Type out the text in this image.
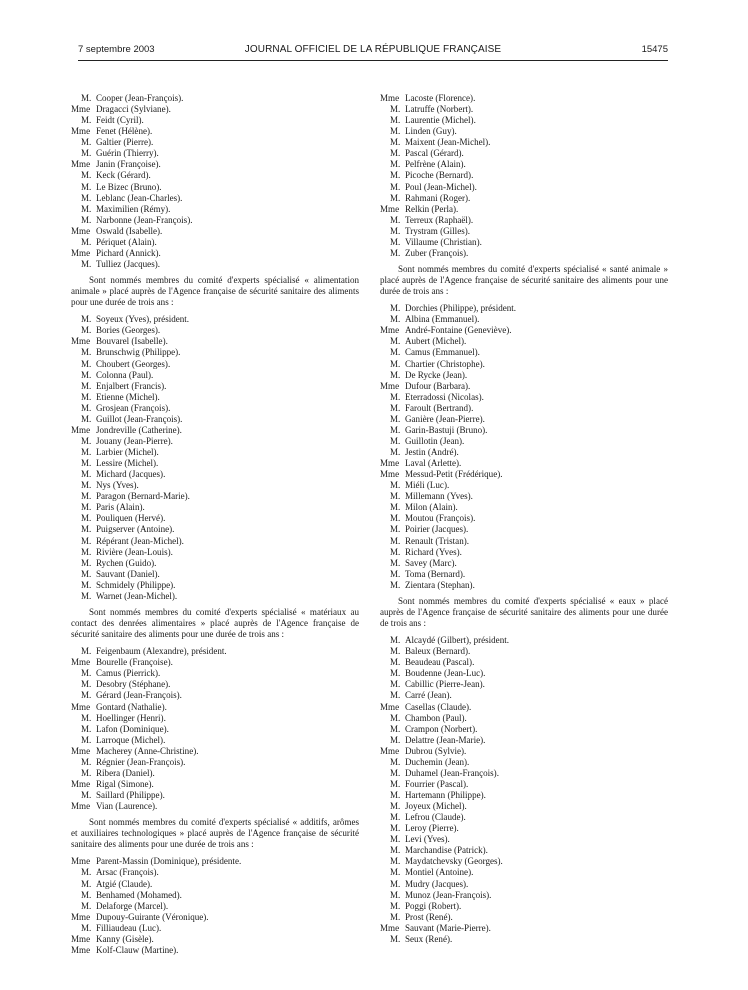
7 septembre 2003	JOURNAL OFFICIEL DE LA RÉPUBLIQUE FRANÇAISE	15475
M. Cooper (Jean-François).
Mme Dragacci (Sylviane).
M. Feidt (Cyril).
Mme Fenet (Hélène).
M. Galtier (Pierre).
M. Guérin (Thierry).
Mme Janin (Françoise).
M. Keck (Gérard).
M. Le Bizec (Bruno).
M. Leblanc (Jean-Charles).
M. Maximilien (Rémy).
M. Narbonne (Jean-François).
Mme Oswald (Isabelle).
M. Périquet (Alain).
Mme Pichard (Annick).
M. Tulliez (Jacques).
Sont nommés membres du comité d'experts spécialisé « alimentation animale » placé auprès de l'Agence française de sécurité sanitaire des aliments pour une durée de trois ans :
M. Soyeux (Yves), président.
M. Bories (Georges).
Mme Bouvarel (Isabelle).
M. Brunschwig (Philippe).
M. Choubert (Georges).
M. Colonna (Paul).
M. Enjalbert (Francis).
M. Etienne (Michel).
M. Grosjean (François).
M. Guillot (Jean-François).
Mme Jondreville (Catherine).
M. Jouany (Jean-Pierre).
M. Larbier (Michel).
M. Lessire (Michel).
M. Michard (Jacques).
M. Nys (Yves).
M. Paragon (Bernard-Marie).
M. Paris (Alain).
M. Pouliquen (Hervé).
M. Puigserver (Antoine).
M. Répérant (Jean-Michel).
M. Rivière (Jean-Louis).
M. Rychen (Guido).
M. Sauvant (Daniel).
M. Schmidely (Philippe).
M. Warnet (Jean-Michel).
Sont nommés membres du comité d'experts spécialisé « matériaux au contact des denrées alimentaires » placé auprès de l'Agence française de sécurité sanitaire des aliments pour une durée de trois ans :
M. Feigenbaum (Alexandre), président.
Mme Bourelle (Françoise).
M. Camus (Pierrick).
M. Desobry (Stéphane).
M. Gérard (Jean-François).
Mme Gontard (Nathalie).
M. Hoellinger (Henri).
M. Lafon (Dominique).
M. Larroque (Michel).
Mme Macherey (Anne-Christine).
M. Régnier (Jean-François).
M. Ribera (Daniel).
Mme Rigal (Simone).
M. Saillard (Philippe).
Mme Vian (Laurence).
Sont nommés membres du comité d'experts spécialisé « additifs, arômes et auxiliaires technologiques » placé auprès de l'Agence française de sécurité sanitaire des aliments pour une durée de trois ans :
Mme Parent-Massin (Dominique), présidente.
M. Arsac (François).
M. Atgié (Claude).
M. Benhamed (Mohamed).
M. Delaforge (Marcel).
Mme Dupouy-Guirante (Véronique).
M. Filliaudeau (Luc).
Mme Kanny (Gisèle).
Mme Kolf-Clauw (Martine).
Mme Lacoste (Florence).
M. Latruffe (Norbert).
M. Laurentie (Michel).
M. Linden (Guy).
M. Maixent (Jean-Michel).
M. Pascal (Gérard).
M. Pelfrène (Alain).
M. Picoche (Bernard).
M. Poul (Jean-Michel).
M. Rahmani (Roger).
Mme Relkin (Perla).
M. Terreux (Raphaël).
M. Trystram (Gilles).
M. Villaume (Christian).
M. Zuber (François).
Sont nommés membres du comité d'experts spécialisé « santé animale » placé auprès de l'Agence française de sécurité sanitaire des aliments pour une durée de trois ans :
M. Dorchies (Philippe), président.
M. Albina (Emmanuel).
Mme André-Fontaine (Geneviève).
M. Aubert (Michel).
M. Camus (Emmanuel).
M. Chartier (Christophe).
M. De Rycke (Jean).
Mme Dufour (Barbara).
M. Eterradossi (Nicolas).
M. Faroult (Bertrand).
M. Ganière (Jean-Pierre).
M. Garin-Bastuji (Bruno).
M. Guillotin (Jean).
M. Jestin (André).
Mme Laval (Arlette).
Mme Messud-Petit (Frédérique).
M. Miéli (Luc).
M. Millemann (Yves).
M. Milon (Alain).
M. Moutou (François).
M. Poirier (Jacques).
M. Renault (Tristan).
M. Richard (Yves).
M. Savey (Marc).
M. Toma (Bernard).
M. Zientara (Stephan).
Sont nommés membres du comité d'experts spécialisé « eaux » placé auprès de l'Agence française de sécurité sanitaire des aliments pour une durée de trois ans :
M. Alcaydé (Gilbert), président.
M. Baleux (Bernard).
M. Beaudeau (Pascal).
M. Boudenne (Jean-Luc).
M. Cabillic (Pierre-Jean).
M. Carré (Jean).
Mme Casellas (Claude).
M. Chambon (Paul).
M. Crampon (Norbert).
M. Delattre (Jean-Marie).
Mme Dubrou (Sylvie).
M. Duchemin (Jean).
M. Duhamel (Jean-François).
M. Fourrier (Pascal).
M. Hartemann (Philippe).
M. Joyeux (Michel).
M. Lefrou (Claude).
M. Leroy (Pierre).
M. Levi (Yves).
M. Marchandise (Patrick).
M. Maydatchevsky (Georges).
M. Montiel (Antoine).
M. Mudry (Jacques).
M. Munoz (Jean-François).
M. Poggi (Robert).
M. Prost (René).
Mme Sauvant (Marie-Pierre).
M. Seux (René).
